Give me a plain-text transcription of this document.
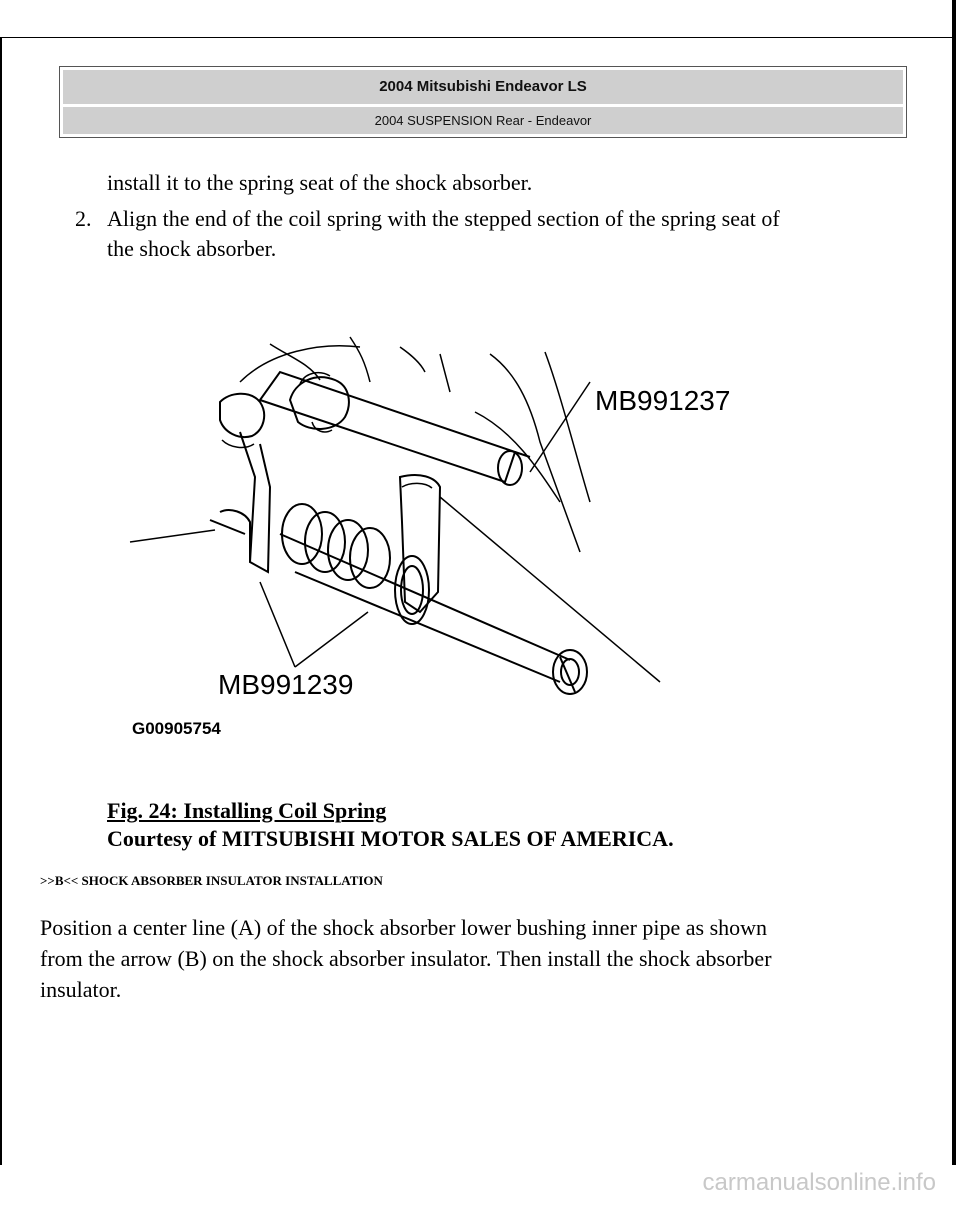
2004 Mitsubishi Endeavor LS
2004 SUSPENSION Rear - Endeavor
install it to the spring seat of the shock absorber.
2. Align the end of the coil spring with the stepped section of the spring seat of
the shock absorber.
MB991237
MB991239
G00905754
Fig. 24: Installing Coil Spring
Courtesy of MITSUBISHI MOTOR SALES OF AMERICA.
>>B<< SHOCK ABSORBER INSULATOR INSTALLATION
Position a center line (A) of the shock absorber lower bushing inner pipe as shown
from the arrow (B) on the shock absorber insulator. Then install the shock absorber
insulator.
carmanualsonline.info
